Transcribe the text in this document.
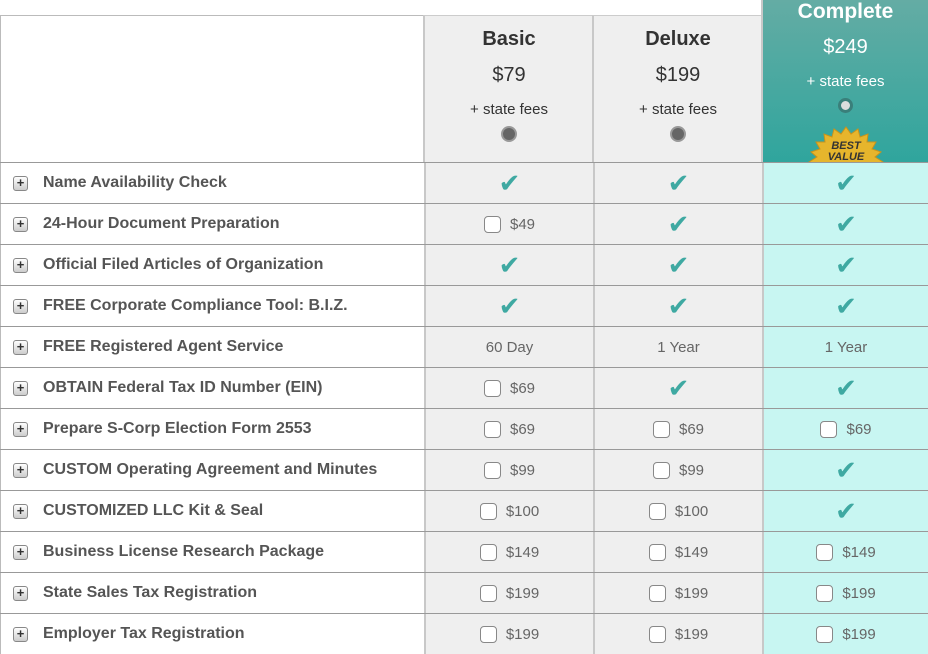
Basic
$79
+ state fees
Deluxe
$199
+ state fees
Complete
$249
+ state fees
BEST
VALUE
+ Name Availability Check	✔	✔	✔
+ 24-Hour Document Preparation	$49	✔	✔
+ Official Filed Articles of Organization	✔	✔	✔
+ FREE Corporate Compliance Tool: B.I.Z.	✔	✔	✔
+ FREE Registered Agent Service	60 Day	1 Year	1 Year
+ OBTAIN Federal Tax ID Number (EIN)	$69	✔	✔
+ Prepare S-Corp Election Form 2553	$69	$69	$69
+ CUSTOM Operating Agreement and Minutes	$99	$99	✔
+ CUSTOMIZED LLC Kit & Seal	$100	$100	✔
+ Business License Research Package	$149	$149	$149
+ State Sales Tax Registration	$199	$199	$199
+ Employer Tax Registration	$199	$199	$199
